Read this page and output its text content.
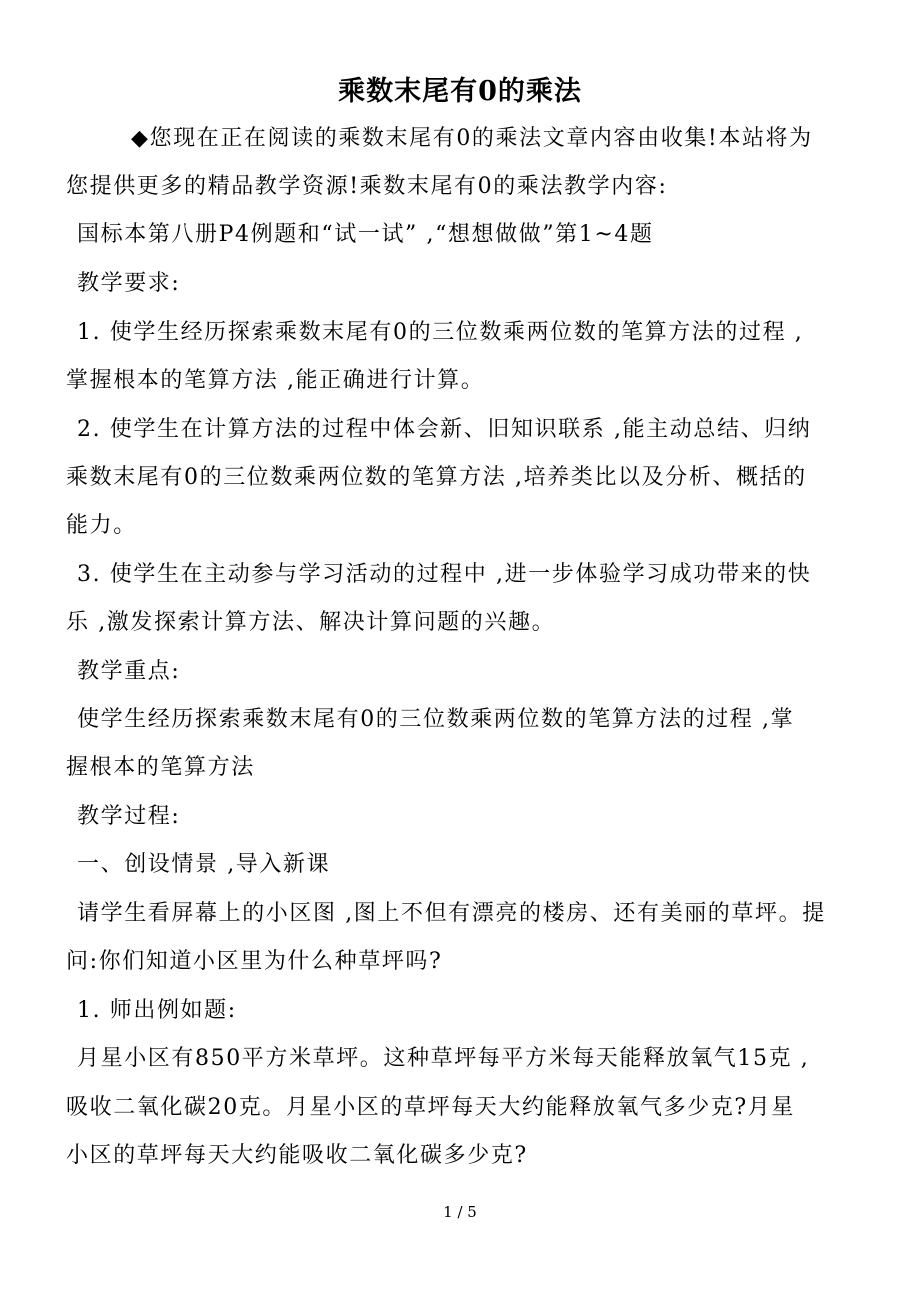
乘数末尾有0的乘法
◆您现在正在阅读的乘数末尾有0的乘法文章内容由收集!本站将为
您提供更多的精品教学资源!乘数末尾有0的乘法教学内容:
国标本第八册P4例题和“试一试” ,“想想做做”第1~4题
教学要求:
1. 使学生经历探索乘数末尾有0的三位数乘两位数的笔算方法的过程 ,
掌握根本的笔算方法 ,能正确进行计算。
2. 使学生在计算方法的过程中体会新、旧知识联系 ,能主动总结、归纳
乘数末尾有0的三位数乘两位数的笔算方法 ,培养类比以及分析、概括的
能力。
3. 使学生在主动参与学习活动的过程中 ,进一步体验学习成功带来的快
乐 ,激发探索计算方法、解决计算问题的兴趣。
教学重点:
使学生经历探索乘数末尾有0的三位数乘两位数的笔算方法的过程 ,掌
握根本的笔算方法
教学过程:
一、创设情景 ,导入新课
请学生看屏幕上的小区图 ,图上不但有漂亮的楼房、还有美丽的草坪。提
问:你们知道小区里为什么种草坪吗?
1. 师出例如题:
月星小区有850平方米草坪。这种草坪每平方米每天能释放氧气15克 ,
吸收二氧化碳20克。月星小区的草坪每天大约能释放氧气多少克?月星
小区的草坪每天大约能吸收二氧化碳多少克?
1 / 5
